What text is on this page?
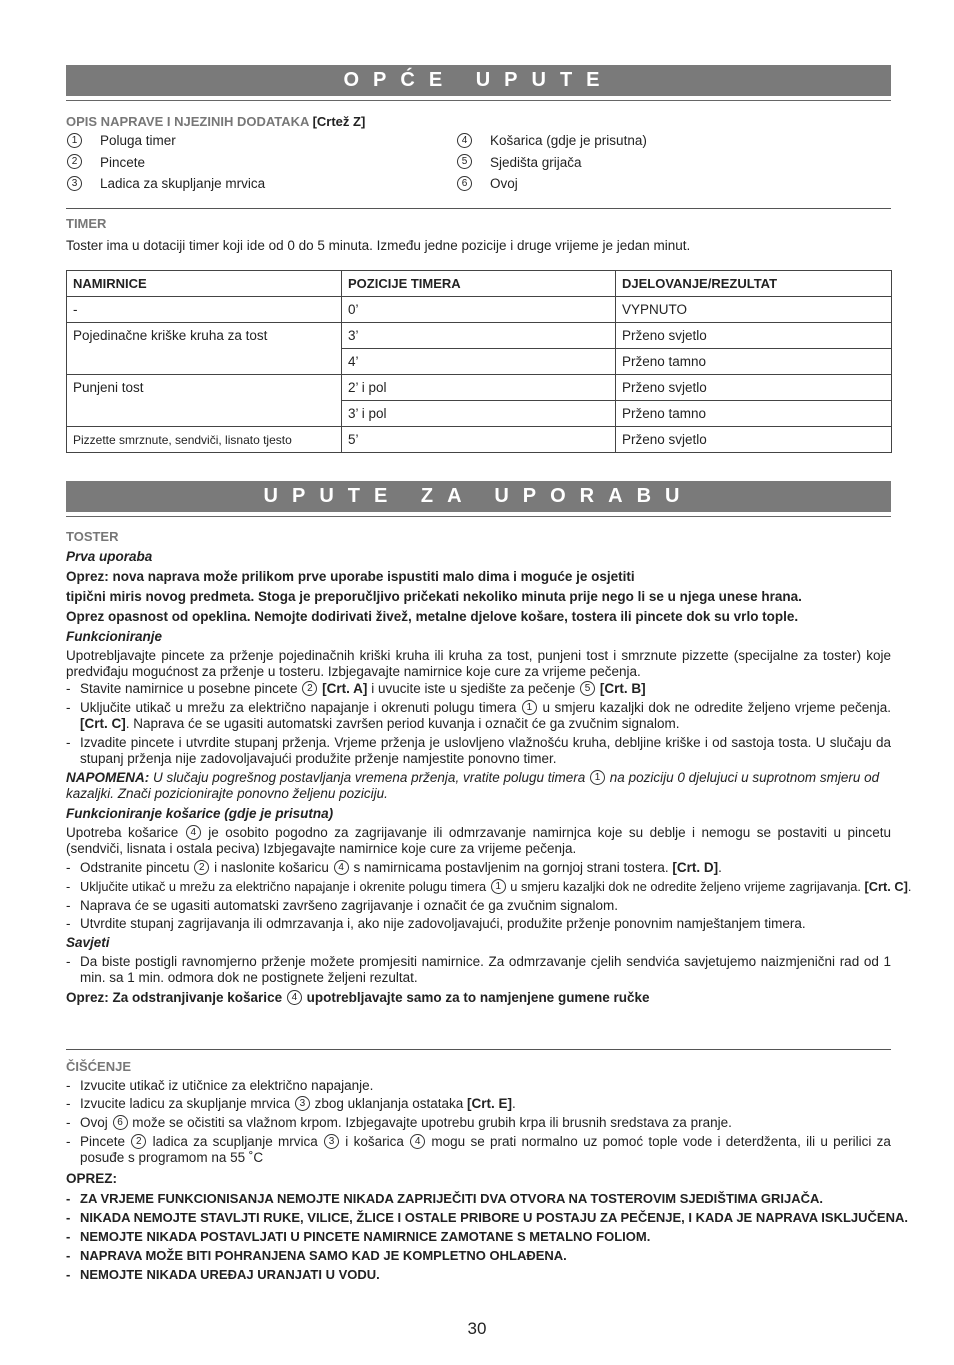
OPĆE UPUTE
OPIS NAPRAVE I NJEZINIH DODATAKA [Crtež Z]
1 Poluga timer
2 Pincete
3 Ladica za skupljanje mrvica
4 Košarica (gdje je prisutna)
5 Sjedišta grijača
6 Ovoj
TIMER

Toster ima u dotaciji timer koji ide od 0 do 5 minuta. Između jedne pozicije i druge vrijeme je jedan minut.

NAMIRNICE	POZICIJE TIMERA	DJELOVANJE/REZULTAT
-	0’	VYPNUTO
Pojedinačne kriške kruha za tost	3’	Prženo svjetlo
	4’	Prženo tamno
Punjeni tost	2’ i pol	Prženo svjetlo
	3’ i pol	Prženo tamno
Pizzette smrznute, sendviči, lisnato tjesto	5’	Prženo svjetlo
UPUTE ZA UPORABU
TOSTER

Prva uporaba

Oprez: nova naprava može prilikom prve uporabe ispustiti malo dima i moguće je osjetiti

tipični miris novog predmeta. Stoga je preporučljivo pričekati nekoliko minuta prije nego li se u njega unese hrana.

Oprez opasnost od opeklina. Nemojte dodirivati živež, metalne djelove košare, tostera ili pincete dok su vrlo tople.

Funkcioniranje

Upotrebljavajte pincete za prženje pojedinačnih kriški kruha ili kruha za tost, punjeni tost i smrznute pizzette (specijalne za toster) koje predviđaju mogućnost za prženje u tosteru. Izbjegavajte namirnice koje cure za vrijeme pečenja.

- Stavite namirnice u posebne pincete 2 [Crt. A] i uvucite iste u sjedište za pečenje 5 [Crt. B]
- Uključite utikač u mrežu za električno napajanje i okrenuti polugu timera 1 u smjeru kazaljki dok ne odredite željeno vrjeme pečenja. [Crt. C]. Naprava će se ugasiti automatski završen period kuvanja i označit će ga zvučnim signalom.
- Izvadite pincete i utvrdite stupanj prženja. Vrjeme prženja je uslovljeno vlažnošću kruha, debljine kriške i od sastoja tosta. U slučaju da stupanj prženja nije zadovoljavajući produžite prženje namjestite ponovno timer.

NAPOMENA: U slučaju pogrešnog postavljanja vremena prženja, vratite polugu timera 1 na poziciju 0 djelujuci u suprotnom smjeru od kazaljki. Znači pozicionirajte ponovno željenu poziciju.

Funkcioniranje košarice (gdje je prisutna)

Upotreba košarice 4 je osobito pogodno za zagrijavanje ili odmrzavanje namirnjca koje su deblje i nemogu se postaviti u pincetu (sendviči, lisnata i ostala peciva) Izbjegavajte namirnice koje cure za vrijeme pečenja.

- Odstranite pincetu 2 i naslonite košaricu 4 s namirnicama postavljenim na gornjoj strani tostera. [Crt. D].
- Uključite utikač u mrežu za električno napajanje i okrenite polugu timera 1 u smjeru kazaljki dok ne odredite željeno vrijeme zagrijavanja. [Crt. C].
- Naprava će se ugasiti automatski završeno zagrijavanje i označit će ga zvučnim signalom.
- Utvrdite stupanj zagrijavanja ili odmrzavanja i, ako nije zadovoljavajući, produžite prženje ponovnim namještanjem timera.

Savjeti

- Da biste postigli ravnomjerno prženje možete promjesiti namirnice. Za odmrzavanje cjelih sendvića savjetujemo naizmjenični rad od 1 min. sa 1 min. odmora dok ne postignete željeni rezultat.

Oprez: Za odstranjivanje košarice 4 upotrebljavajte samo za to namjenjene gumene ručke

ČIŠĆENJE
- Izvucite utikač iz utičnice za električno napajanje.
- Izvucite ladicu za skupljanje mrvica 3 zbog uklanjanja ostataka [Crt. E].
- Ovoj 6 može se očistiti sa vlažnom krpom. Izbjegavajte upotrebu grubih krpa ili brusnih sredstava za pranje.
- Pincete 2 ladica za scupljanje mrvica 3 i košarica 4 mogu se prati normalno uz pomoć tople vode i deterdženta, ili u perilici za posuđe s programom na 55 ˚C

OPREZ:

- ZA VRJEME FUNKCIONISANJA NEMOJTE NIKADA ZAPRIJEČITI DVA OTVORA NA TOSTEROVIM SJEDIŠTIMA GRIJAČA.
- NIKADA NEMOJTE STAVLJTI RUKE, VILICE, ŽLICE I OSTALE PRIBORE U POSTAJU ZA PEČENJE, I KADA JE NAPRAVA ISKLJUČENA.
- NEMOJTE NIKADA POSTAVLJATI U PINCETE NAMIRNICE ZAMOTANE S METALNO FOLIOM.
- NAPRAVA MOŽE BITI POHRANJENA SAMO KAD JE KOMPLETNO OHLAĐENA.
- NEMOJTE NIKADA UREĐAJ URANJATI U VODU.
30
